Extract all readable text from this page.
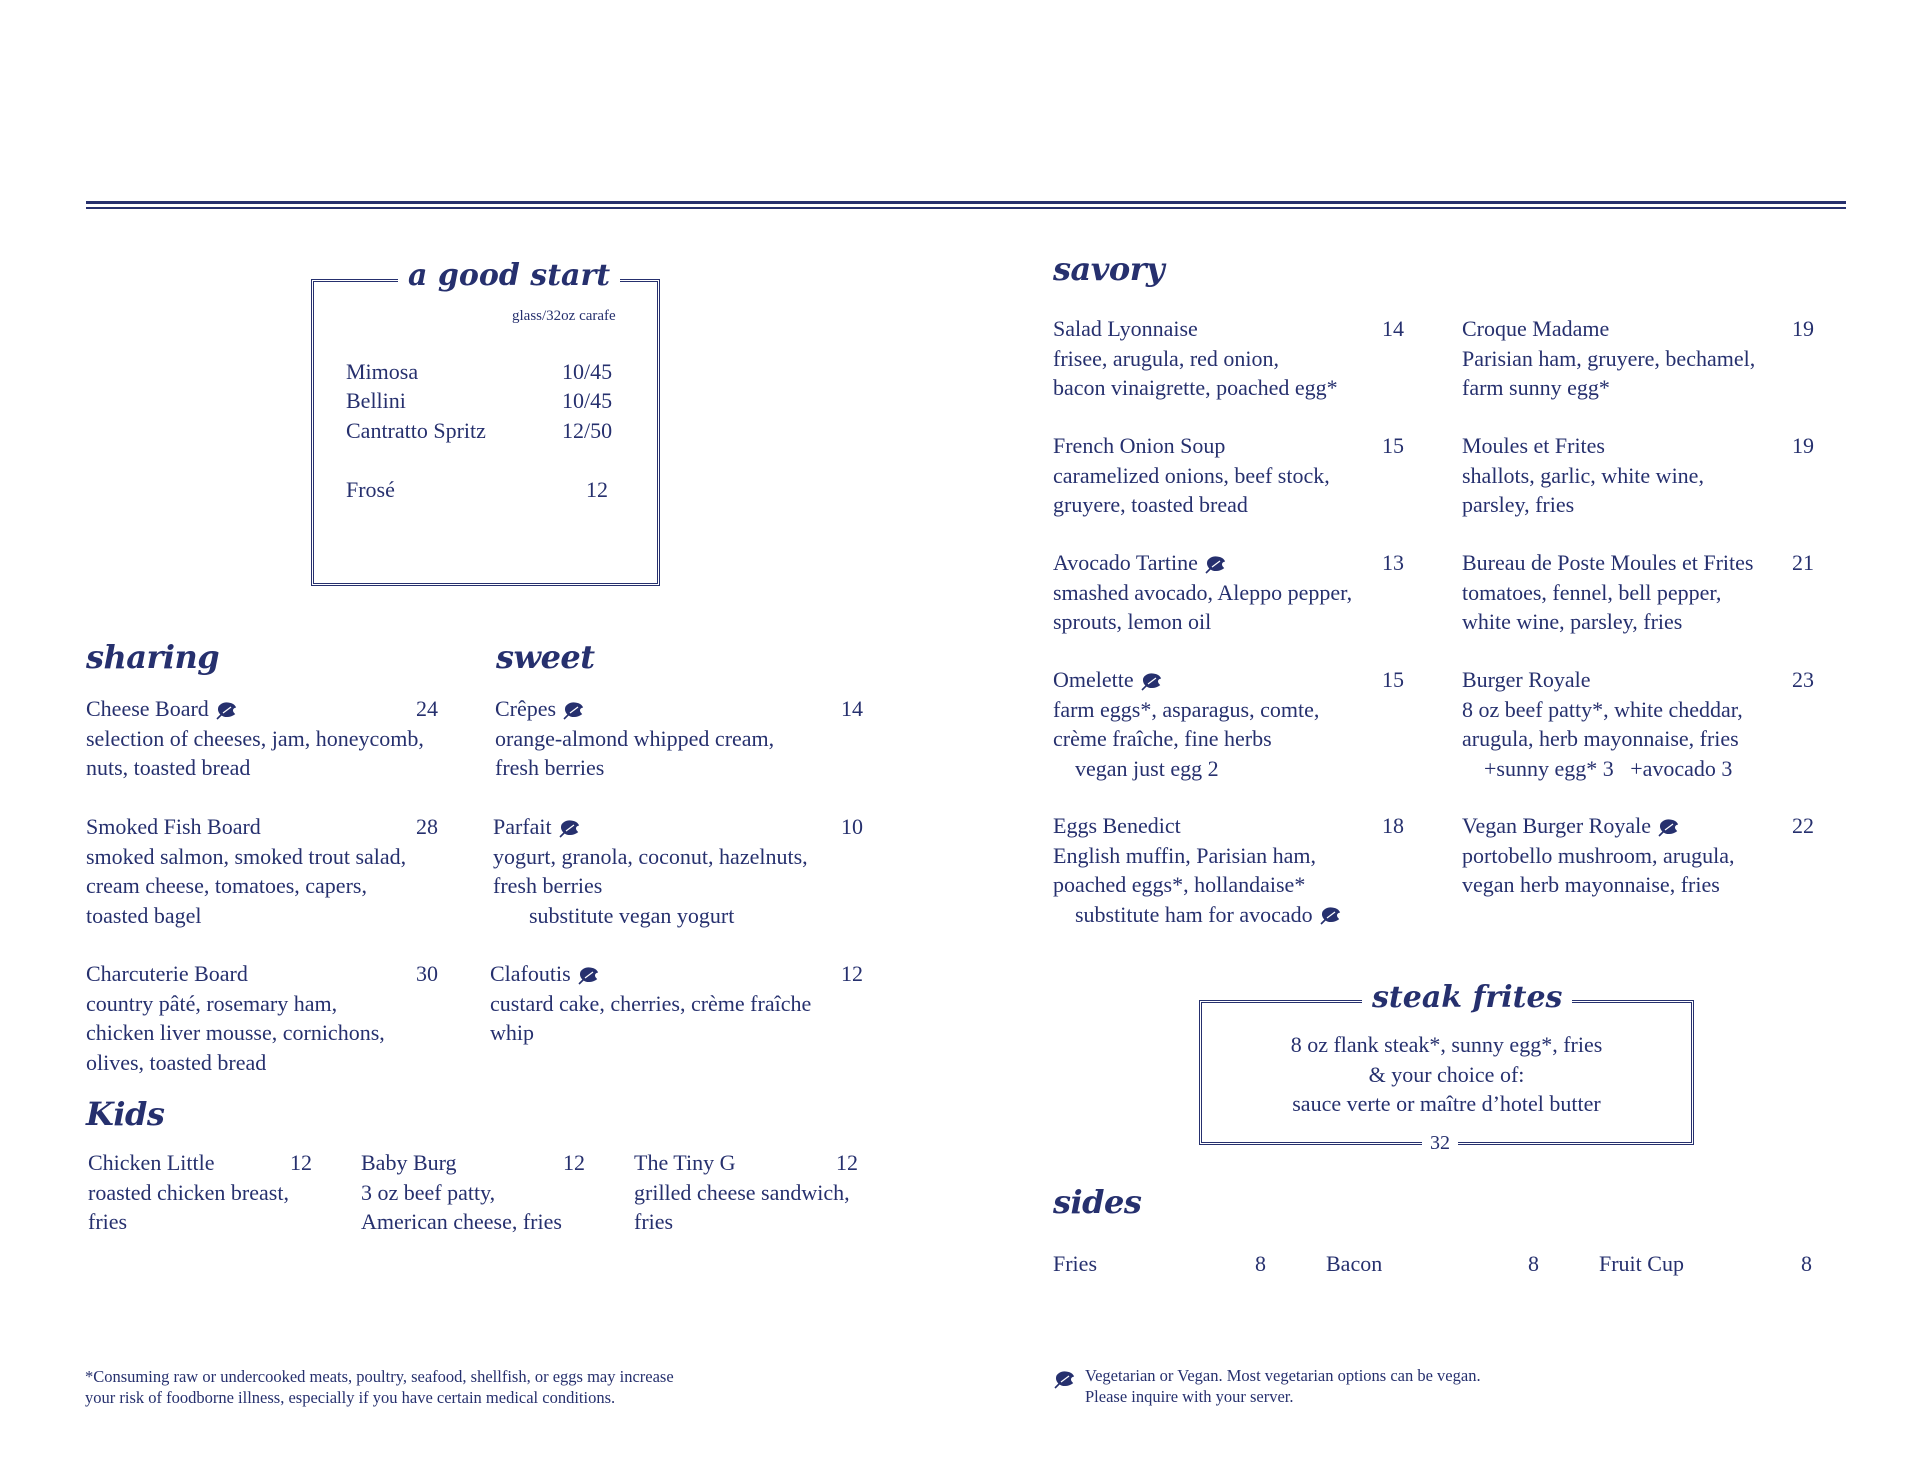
a good start
glass/32oz carafe
Mimosa	10/45
Bellini	10/45
Cantratto Spritz	12/50
Frosé	12
sharing
Cheese Board	24
selection of cheeses, jam, honeycomb,
nuts, toasted bread
Smoked Fish Board	28
smoked salmon, smoked trout salad,
cream cheese, tomatoes, capers,
toasted bagel
Charcuterie Board	30
country pâté, rosemary ham,
chicken liver mousse, cornichons,
olives, toasted bread
sweet
Crêpes	14
orange-almond whipped cream,
fresh berries
Parfait	10
yogurt, granola, coconut, hazelnuts,
fresh berries
substitute vegan yogurt
Clafoutis	12
custard cake, cherries, crème fraîche
whip
Kids
Chicken Little	12
roasted chicken breast,
fries
Baby Burg	12
3 oz beef patty,
American cheese, fries
The Tiny G	12
grilled cheese sandwich,
fries
savory
Salad Lyonnaise	14
frisee, arugula, red onion,
bacon vinaigrette, poached egg*
French Onion Soup	15
caramelized onions, beef stock,
gruyere, toasted bread
Avocado Tartine	13
smashed avocado, Aleppo pepper,
sprouts, lemon oil
Omelette	15
farm eggs*, asparagus, comte,
crème fraîche, fine herbs
vegan just egg 2
Eggs Benedict	18
English muffin, Parisian ham,
poached eggs*, hollandaise*
substitute ham for avocado
Croque Madame	19
Parisian ham, gruyere, bechamel,
farm sunny egg*
Moules et Frites	19
shallots, garlic, white wine,
parsley, fries
Bureau de Poste Moules et Frites 21
tomatoes, fennel, bell pepper,
white wine, parsley, fries
Burger Royale	23
8 oz beef patty*, white cheddar,
arugula, herb mayonnaise, fries
+sunny egg* 3   +avocado 3
Vegan Burger Royale	22
portobello mushroom, arugula,
vegan herb mayonnaise, fries
steak frites
8 oz flank steak*, sunny egg*, fries
& your choice of:
sauce verte or maître d’hotel butter
32
sides
Fries	8	Bacon	8	Fruit Cup	8
*Consuming raw or undercooked meats, poultry, seafood, shellfish, or eggs may increase
your risk of foodborne illness, especially if you have certain medical conditions.
Vegetarian or Vegan. Most vegetarian options can be vegan.
Please inquire with your server.
